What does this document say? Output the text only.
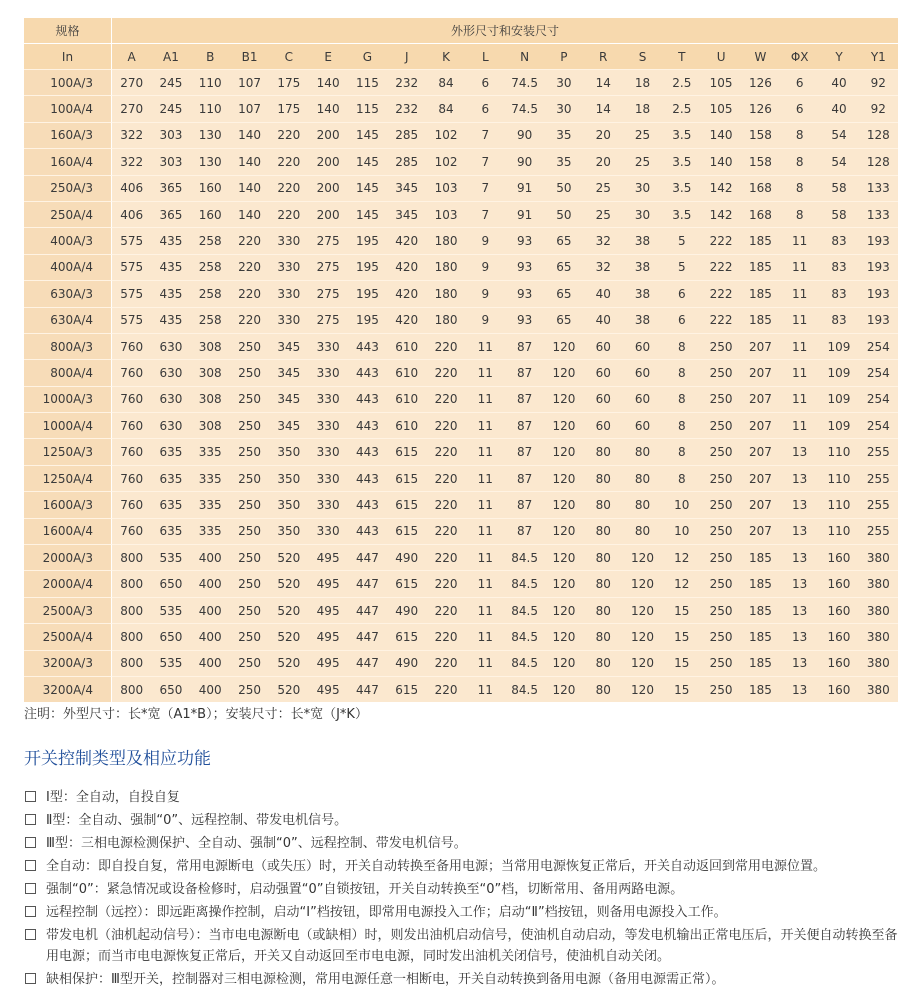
规格	外形尺寸和安装尺寸																			
In	A	A1	B	B1	C	E	G	J	K	L	N	P	R	S	T	U	W	ΦX	Y	Y1
100A/3	270	245	110	107	175	140	115	232	84	6	74.5	30	14	18	2.5	105	126	6	40	92
100A/4	270	245	110	107	175	140	115	232	84	6	74.5	30	14	18	2.5	105	126	6	40	92
160A/3	322	303	130	140	220	200	145	285	102	7	90	35	20	25	3.5	140	158	8	54	128
160A/4	322	303	130	140	220	200	145	285	102	7	90	35	20	25	3.5	140	158	8	54	128
250A/3	406	365	160	140	220	200	145	345	103	7	91	50	25	30	3.5	142	168	8	58	133
250A/4	406	365	160	140	220	200	145	345	103	7	91	50	25	30	3.5	142	168	8	58	133
400A/3	575	435	258	220	330	275	195	420	180	9	93	65	32	38	5	222	185	11	83	193
400A/4	575	435	258	220	330	275	195	420	180	9	93	65	32	38	5	222	185	11	83	193
630A/3	575	435	258	220	330	275	195	420	180	9	93	65	40	38	6	222	185	11	83	193
630A/4	575	435	258	220	330	275	195	420	180	9	93	65	40	38	6	222	185	11	83	193
800A/3	760	630	308	250	345	330	443	610	220	11	87	120	60	60	8	250	207	11	109	254
800A/4	760	630	308	250	345	330	443	610	220	11	87	120	60	60	8	250	207	11	109	254
1000A/3	760	630	308	250	345	330	443	610	220	11	87	120	60	60	8	250	207	11	109	254
1000A/4	760	630	308	250	345	330	443	610	220	11	87	120	60	60	8	250	207	11	109	254
1250A/3	760	635	335	250	350	330	443	615	220	11	87	120	80	80	8	250	207	13	110	255
1250A/4	760	635	335	250	350	330	443	615	220	11	87	120	80	80	8	250	207	13	110	255
1600A/3	760	635	335	250	350	330	443	615	220	11	87	120	80	80	10	250	207	13	110	255
1600A/4	760	635	335	250	350	330	443	615	220	11	87	120	80	80	10	250	207	13	110	255
2000A/3	800	535	400	250	520	495	447	490	220	11	84.5	120	80	120	12	250	185	13	160	380
2000A/4	800	650	400	250	520	495	447	615	220	11	84.5	120	80	120	12	250	185	13	160	380
2500A/3	800	535	400	250	520	495	447	490	220	11	84.5	120	80	120	15	250	185	13	160	380
2500A/4	800	650	400	250	520	495	447	615	220	11	84.5	120	80	120	15	250	185	13	160	380
3200A/3	800	535	400	250	520	495	447	490	220	11	84.5	120	80	120	15	250	185	13	160	380
3200A/4	800	650	400	250	520	495	447	615	220	11	84.5	120	80	120	15	250	185	13	160	380
注明：外型尺寸：长*宽（A1*B）；安装尺寸：长*宽（J*K）
开关控制类型及相应功能
Ⅰ型：全自动，自投自复
Ⅱ型：全自动、强制“0”、远程控制、带发电机信号。
Ⅲ型：三相电源检测保护、全自动、强制“0”、远程控制、带发电机信号。
全自动：即自投自复，常用电源断电（或失压）时，开关自动转换至备用电源；当常用电源恢复正常后，开关自动返回到常用电源位置。
强制“0”：紧急情况或设备检修时，启动强置“0”自锁按钮，开关自动转换至“0”档，切断常用、备用两路电源。
远程控制（远控）：即远距离操作控制，启动“Ⅰ”档按钮，即常用电源投入工作；启动“Ⅱ”档按钮，则备用电源投入工作。
带发电机（油机起动信号）：当市电电源断电（或缺相）时，则发出油机启动信号，使油机自动启动，等发电机输出正常电压后，开关便自动转换至备用电源；而当市电电源恢复正常后，开关又自动返回至市电电源，同时发出油机关闭信号，使油机自动关闭。
缺相保护：Ⅲ型开关，控制器对三相电源检测，常用电源任意一相断电，开关自动转换到备用电源（备用电源需正常）。
